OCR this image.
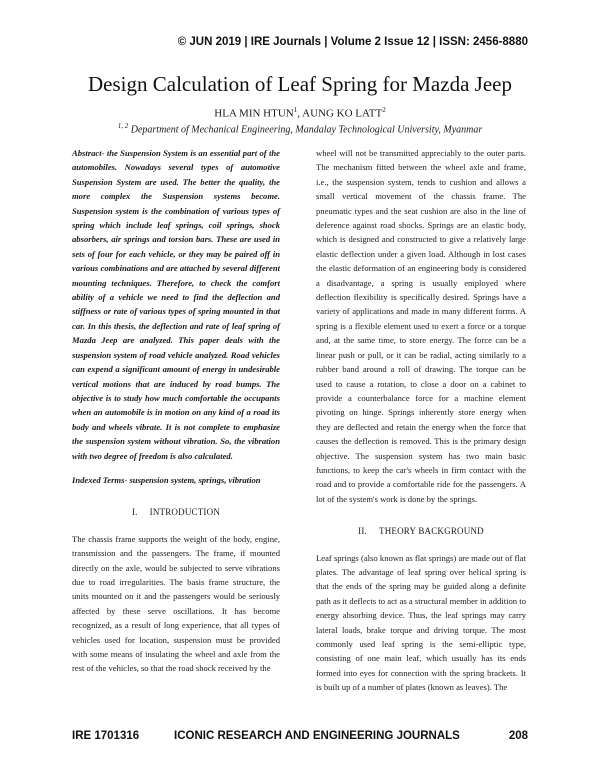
© JUN 2019 | IRE Journals | Volume 2 Issue 12 | ISSN: 2456-8880
Design Calculation of Leaf Spring for Mazda Jeep
HLA MIN HTUN$^1$, AUNG KO LATT$^2$
$^{1, 2}$ Department of Mechanical Engineering, Mandalay Technological University, Myanmar

Abstract- the Suspension System is an essential part of the automobiles. Nowadays several types of automotive Suspension System are used. The better the quality, the more complex the Suspension systems become. Suspension system is the combination of various types of spring which include leaf springs, coil springs, shock absorbers, air springs and torsion bars. These are used in sets of four for each vehicle, or they may be paired off in various combinations and are attached by several different mounting techniques. Therefore, to check the comfort ability of a vehicle we need to find the deflection and stiffness or rate of various types of spring mounted in that car. In this thesis, the deflection and rate of leaf spring of Mazda Jeep are analyzed. This paper deals with the suspension system of road vehicle analyzed. Road vehicles can expend a significant amount of energy in undesirable vertical motions that are induced by road bumps. The objective is to study how much comfortable the occupants when an automobile is in motion on any kind of a road its body and wheels vibrate. It is not complete to emphasize the suspension system without vibration. So, the vibration with two degree of freedom is also calculated.

Indexed Terms- suspension system, springs, vibration

I. INTRODUCTION

The chassis frame supports the weight of the body, engine, transmission and the passengers. The frame, if mounted directly on the axle, would be subjected to serve vibrations due to road irregularities. The basis frame structure, the units mounted on it and the passengers would be seriously affected by these serve oscillations. It has become recognized, as a result of long experience, that all types of vehicles used for location, suspension must be provided with some means of insulating the wheel and axle from the rest of the vehicles, so that the road shock received by the

wheel will not be transmitted appreciably to the outer parts. The mechanism fitted between the wheel axle and frame, i.e., the suspension system, tends to cushion and allows a small vertical movement of the chassis frame. The pneumatic types and the seat cushion are also in the line of deference against road shocks. Springs are an elastic body, which is designed and constructed to give a relatively large elastic deflection under a given load. Although in lost cases the elastic deformation of an engineering body is considered a disadvantage, a spring is usually employed where deflection flexibility is specifically desired. Springs have a variety of applications and made in many different forms. A spring is a flexible element used to exert a force or a torque and, at the same time, to store energy. The force can be a linear push or pull, or it can be radial, acting similarly to a rubber band around a roll of drawing. The torque can be used to cause a rotation, to close a door on a cabinet to provide a counterbalance force for a machine element pivoting on hinge. Springs inherently store energy when they are deflected and retain the energy when the force that causes the deflection is removed. This is the primary design objective. The suspension system has two main basic functions, to keep the car's wheels in firm contact with the road and to provide a comfortable ride for the passengers. A lot of the system's work is done by the springs.

II. THEORY BACKGROUND

Leaf springs (also known as flat springs) are made out of flat plates. The advantage of leaf spring over helical spring is that the ends of the spring may be guided along a definite path as it deflects to act as a structural member in addition to energy absorbing device. Thus, the leaf springs may carry lateral loads, brake torque and driving torque. The most commonly used leaf spring is the semi-elliptic type, consisting of one main leaf, which usually has its ends formed into eyes for connection with the spring brackets. It is built up of a number of plates (known as leaves). The

IRE 1701316	ICONIC RESEARCH AND ENGINEERING JOURNALS	208
